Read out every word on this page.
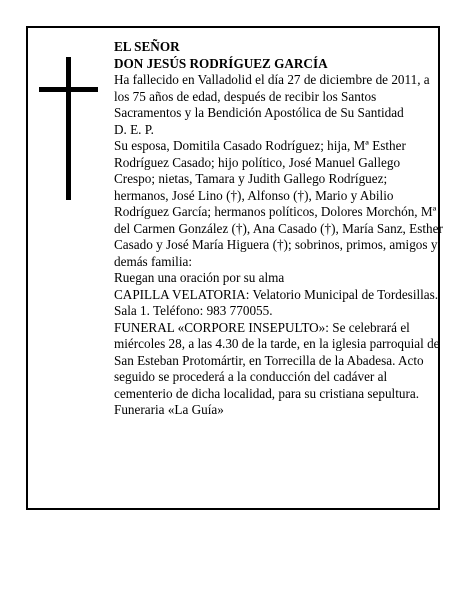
EL SEÑOR

DON JESÚS RODRÍGUEZ GARCÍA

Ha fallecido en Valladolid el día 27 de diciembre de 2011, a los 75 años de edad, después de recibir los Santos Sacramentos y la Bendición Apostólica de Su Santidad

D. E. P.

Su esposa, Domitila Casado Rodríguez; hija, Mª Esther Rodríguez Casado; hijo político, José Manuel Gallego Crespo; nietas, Tamara y Judith Gallego Rodríguez; hermanos, José Lino (†), Alfonso (†), Mario y Abilio Rodríguez García; hermanos políticos, Dolores Morchón, Mª del Carmen González (†), Ana Casado (†), María Sanz, Esther Casado y José María Higuera (†); sobrinos, primos, amigos y demás familia:

Ruegan una oración por su alma

CAPILLA VELATORIA: Velatorio Municipal de Tordesillas. Sala 1. Teléfono: 983 770055.

FUNERAL «CORPORE INSEPULTO»: Se celebrará el miércoles 28, a las 4.30 de la tarde, en la iglesia parroquial de San Esteban Protomártir, en Torrecilla de la Abadesa. Acto seguido se procederá a la conducción del cadáver al cementerio de dicha localidad, para su cristiana sepultura.

Funeraria «La Guía»
